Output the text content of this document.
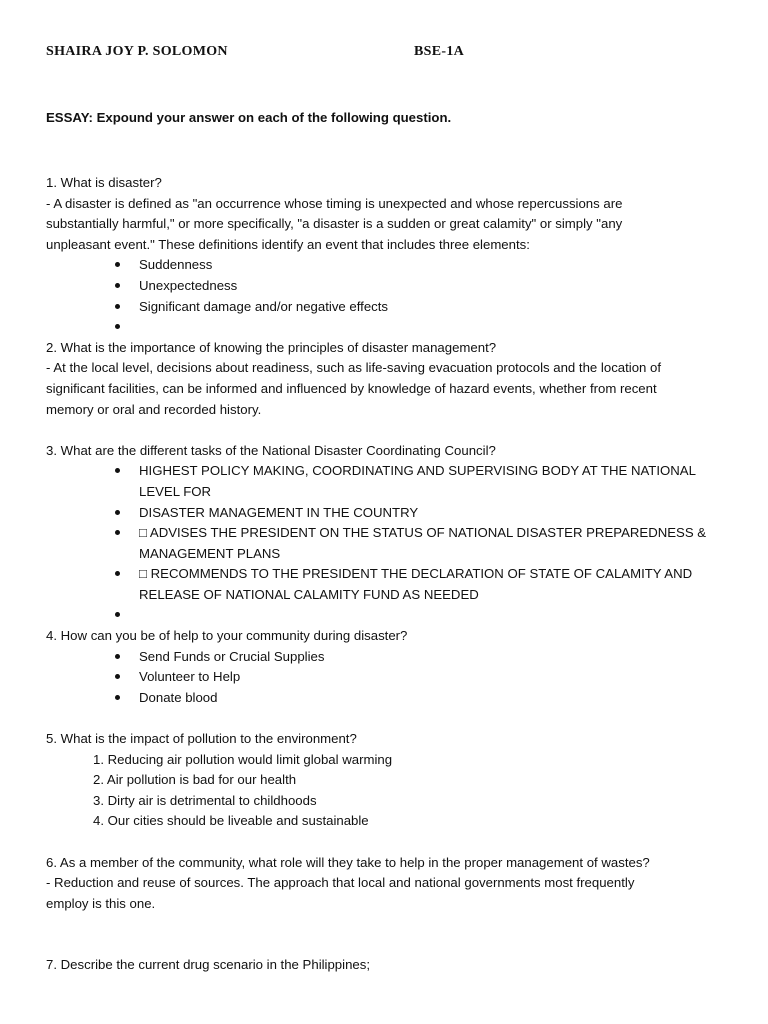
SHAIRA JOY P. SOLOMON	BSE-1A
ESSAY: Expound your answer on each of the following question.
1. What is disaster?
- A disaster is defined as "an occurrence whose timing is unexpected and whose repercussions are
substantially harmful," or more specifically, "a disaster is a sudden or great calamity" or simply "any
unpleasant event." These definitions identify an event that includes three elements:
Suddenness
Unexpectedness
Significant damage and/or negative effects
2. What is the importance of knowing the principles of disaster management?
- At the local level, decisions about readiness, such as life-saving evacuation protocols and the location of
significant facilities, can be informed and influenced by knowledge of hazard events, whether from recent
memory or oral and recorded history.
3. What are the different tasks of the National Disaster Coordinating Council?
HIGHEST POLICY MAKING, COORDINATING AND SUPERVISING BODY AT THE NATIONAL
LEVEL FOR
DISASTER MANAGEMENT IN THE COUNTRY
□ ADVISES THE PRESIDENT ON THE STATUS OF NATIONAL DISASTER PREPAREDNESS &
MANAGEMENT PLANS
□ RECOMMENDS TO THE PRESIDENT THE DECLARATION OF STATE OF CALAMITY AND
RELEASE OF NATIONAL CALAMITY FUND AS NEEDED
4. How can you be of help to your community during disaster?
Send Funds or Crucial Supplies
Volunteer to Help
Donate blood
5. What is the impact of pollution to the environment?
1. Reducing air pollution would limit global warming
2. Air pollution is bad for our health
3. Dirty air is detrimental to childhoods
4. Our cities should be liveable and sustainable
6. As a member of the community, what role will they take to help in the proper management of wastes?
- Reduction and reuse of sources. The approach that local and national governments most frequently
employ is this one.
7. Describe the current drug scenario in the Philippines;
